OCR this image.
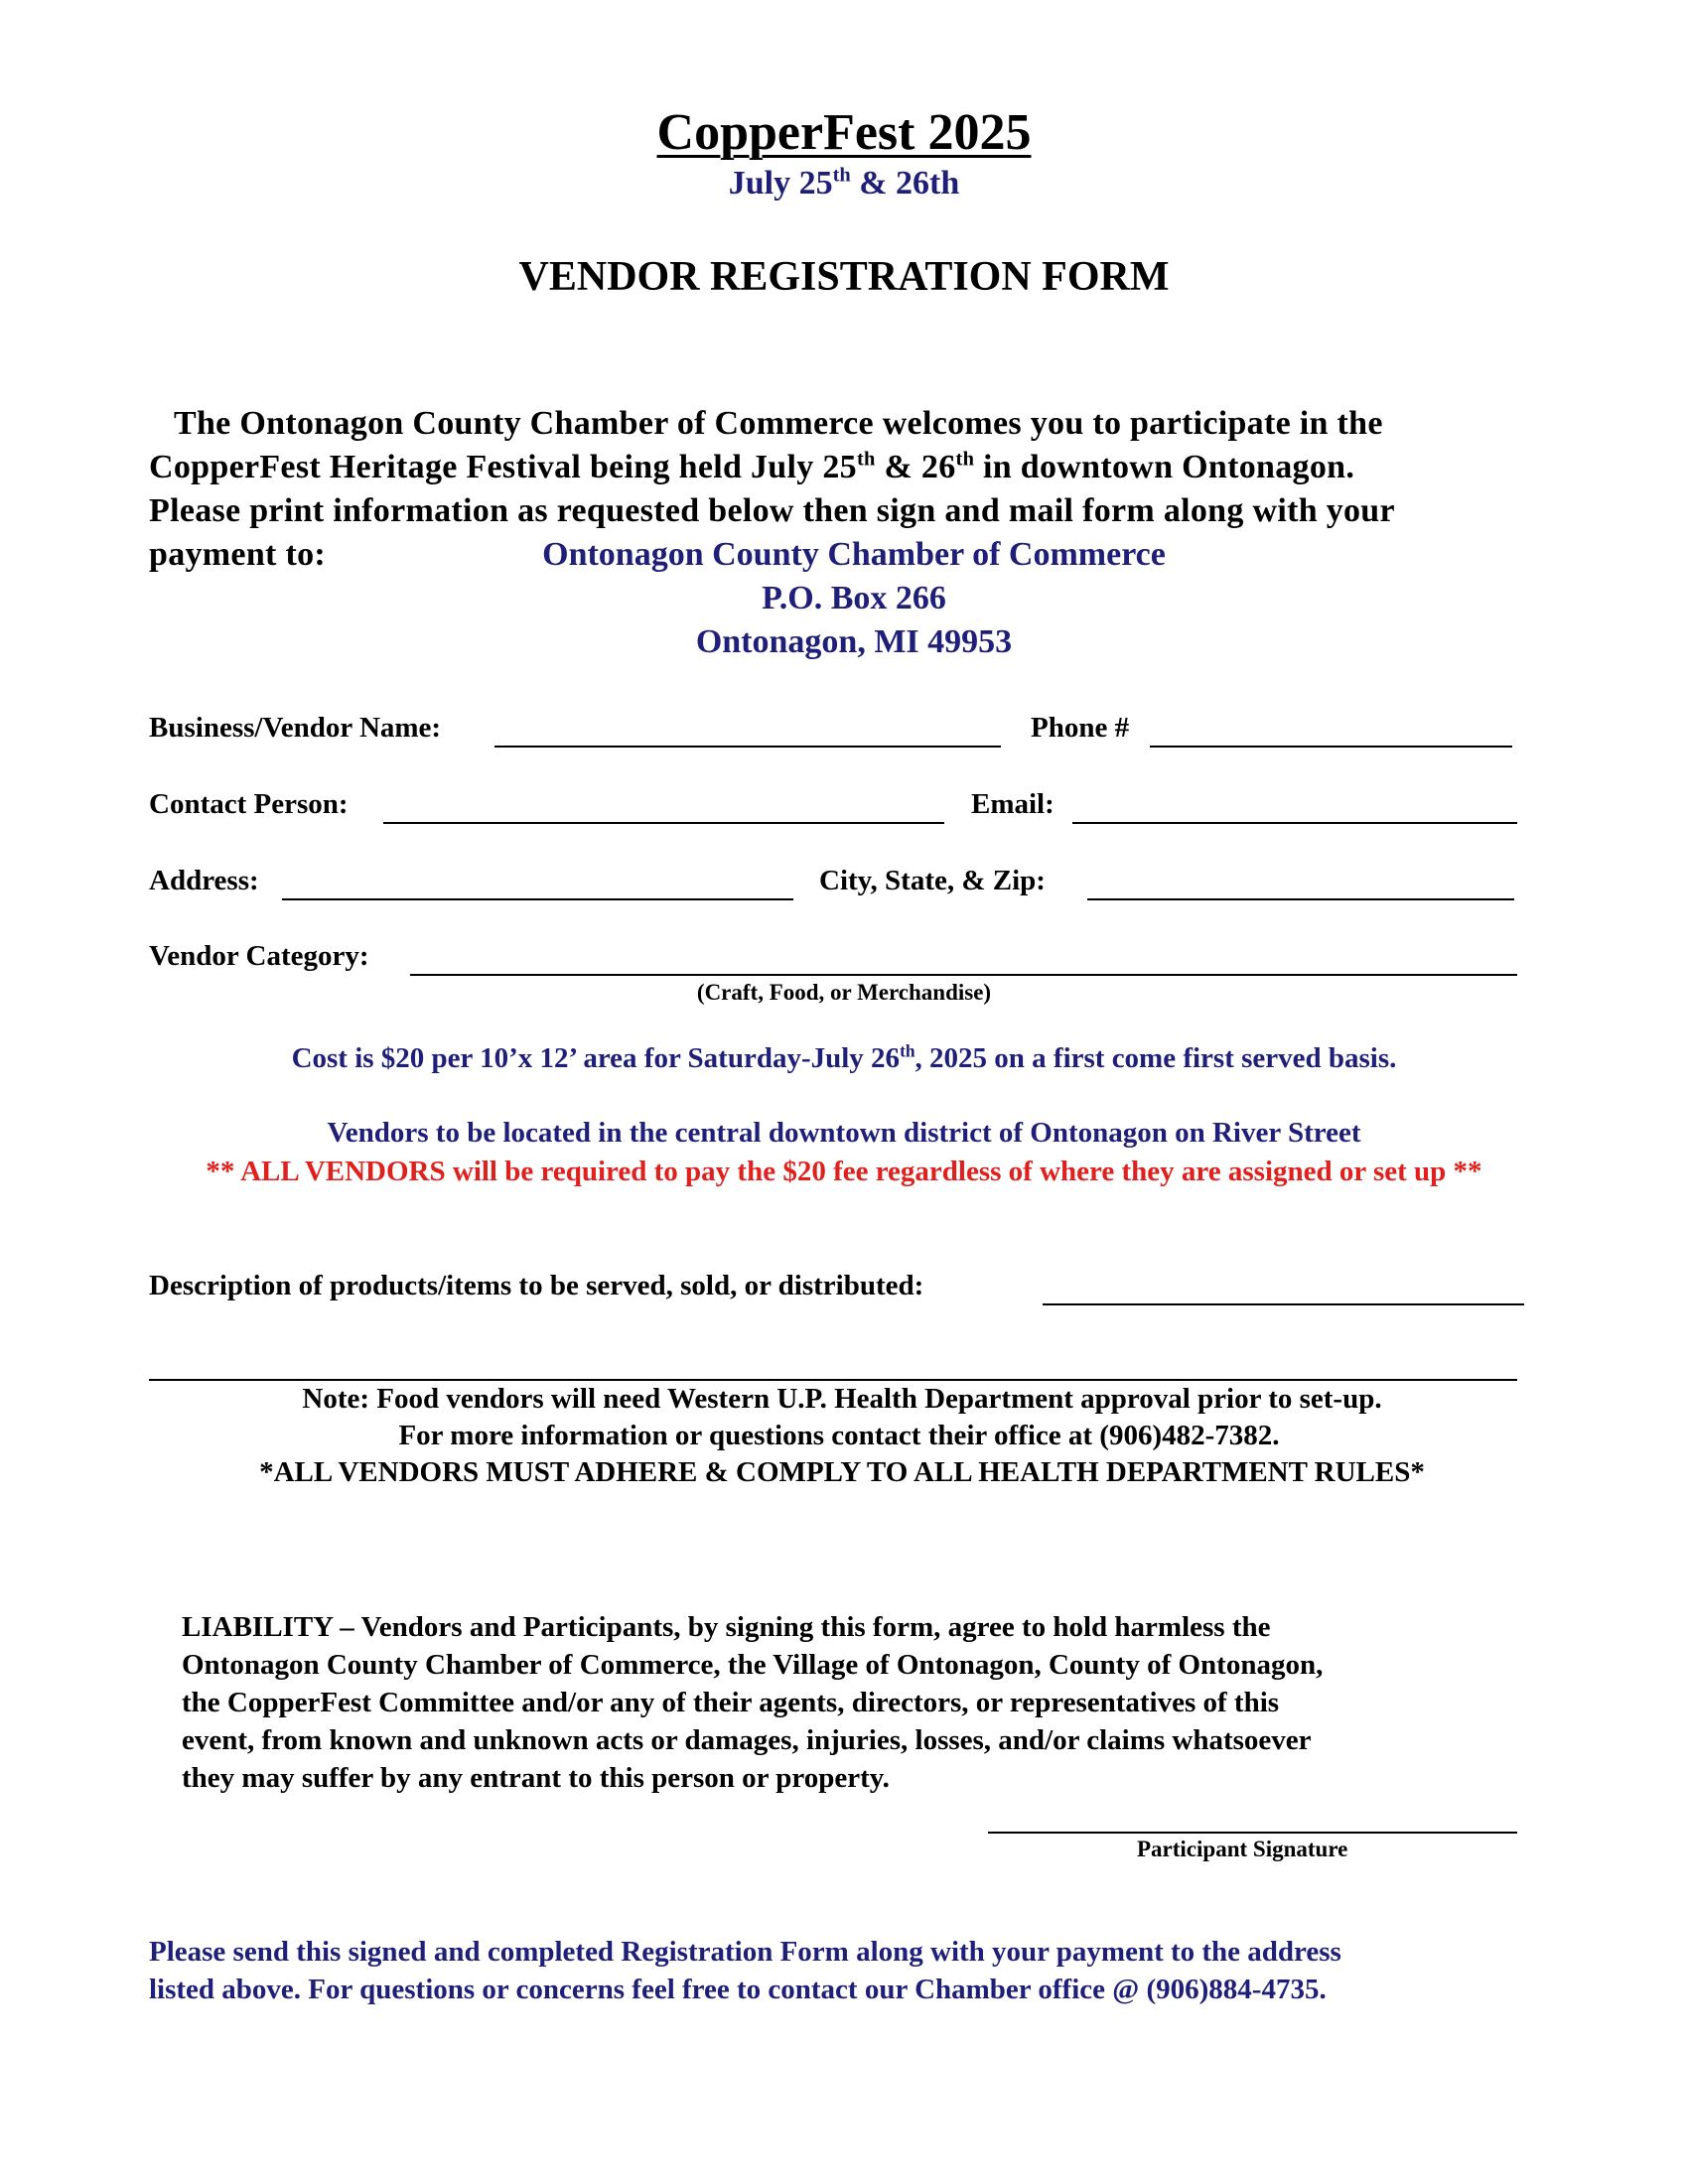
CopperFest 2025
July 25th & 26th
VENDOR REGISTRATION FORM
The Ontonagon County Chamber of Commerce welcomes you to participate in the
CopperFest Heritage Festival being held July 25th & 26th in downtown Ontonagon.
Please print information as requested below then sign and mail form along with your
payment to:	Ontonagon County Chamber of Commerce
P.O. Box 266
Ontonagon, MI 49953
Business/Vendor Name:	Phone #
Contact Person:	Email:
Address:	City, State, & Zip:
Vendor Category:
(Craft, Food, or Merchandise)
Cost is $20 per 10’x 12’ area for Saturday-July 26th, 2025 on a first come first served basis.
Vendors to be located in the central downtown district of Ontonagon on River Street
** ALL VENDORS will be required to pay the $20 fee regardless of where they are assigned or set up **
Description of products/items to be served, sold, or distributed:
Note: Food vendors will need Western U.P. Health Department approval prior to set-up.
For more information or questions contact their office at (906)482-7382.
*ALL VENDORS MUST ADHERE & COMPLY TO ALL HEALTH DEPARTMENT RULES*
LIABILITY – Vendors and Participants, by signing this form, agree to hold harmless the
Ontonagon County Chamber of Commerce, the Village of Ontonagon, County of Ontonagon,
the CopperFest Committee and/or any of their agents, directors, or representatives of this
event, from known and unknown acts or damages, injuries, losses, and/or claims whatsoever
they may suffer by any entrant to this person or property.
Participant Signature
Please send this signed and completed Registration Form along with your payment to the address
listed above. For questions or concerns feel free to contact our Chamber office @ (906)884-4735.
